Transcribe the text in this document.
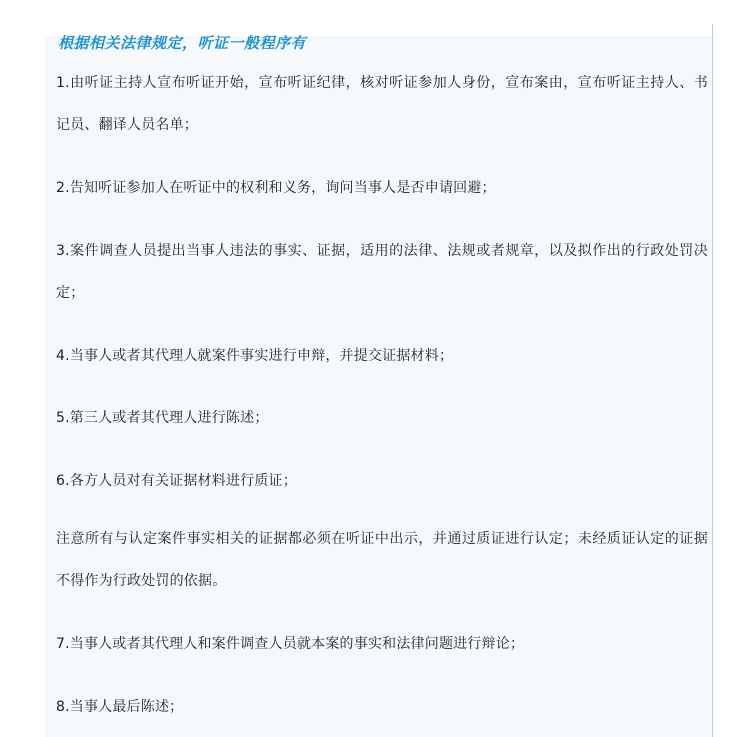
根据相关法律规定，听证一般程序有

1.由听证主持人宣布听证开始，宣布听证纪律，核对听证参加人身份，宣布案由，宣布听证主持人、书记员、翻译人员名单；

2.告知听证参加人在听证中的权利和义务，询问当事人是否申请回避；

3.案件调查人员提出当事人违法的事实、证据，适用的法律、法规或者规章，以及拟作出的行政处罚决定；

4.当事人或者其代理人就案件事实进行申辩，并提交证据材料；

5.第三人或者其代理人进行陈述；

6.各方人员对有关证据材料进行质证；

注意所有与认定案件事实相关的证据都必须在听证中出示，并通过质证进行认定；未经质证认定的证据不得作为行政处罚的依据。

7.当事人或者其代理人和案件调查人员就本案的事实和法律问题进行辩论；

8.当事人最后陈述；
